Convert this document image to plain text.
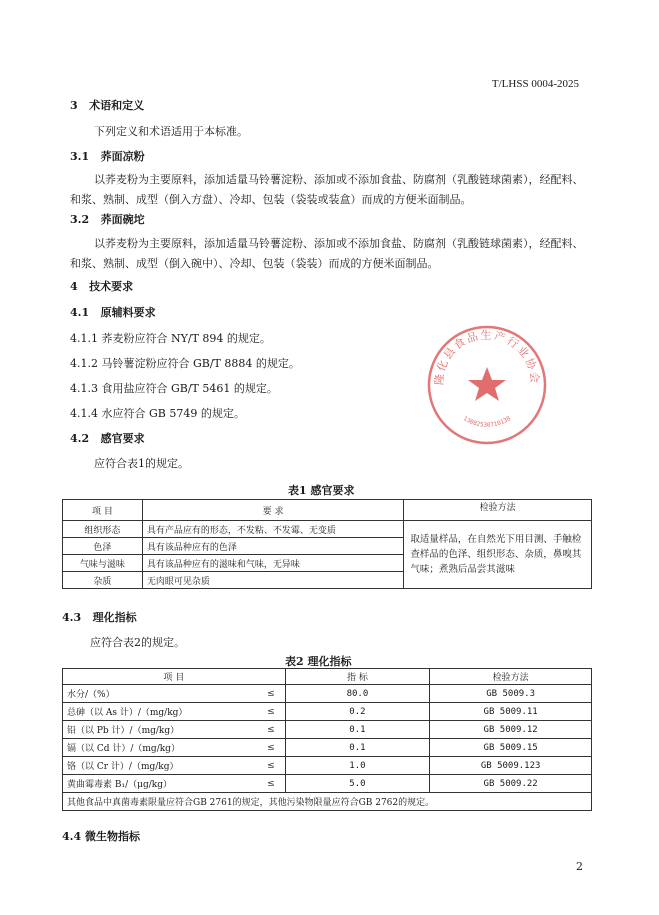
T/LHSS 0004-2025
3 术语和定义
下列定义和术语适用于本标准。
3.1 荞面凉粉
以荞麦粉为主要原料，添加适量马铃薯淀粉、添加或不添加食盐、防腐剂（乳酸链球菌素），经配料、和浆、熟制、成型（倒入方盘）、冷却、包装（袋装或装盒）而成的方便米面制品。
3.2 荞面碗坨
以荞麦粉为主要原料，添加适量马铃薯淀粉、添加或不添加食盐、防腐剂（乳酸链球菌素），经配料、和浆、熟制、成型（倒入碗中）、冷却、包装（袋装）而成的方便米面制品。
4 技术要求
4.1 原辅料要求
4.1.1 荞麦粉应符合 NY/T 894 的规定。
4.1.2 马铃薯淀粉应符合 GB/T 8884 的规定。
4.1.3 食用盐应符合 GB/T 5461 的规定。
4.1.4 水应符合 GB 5749 的规定。
4.2 感官要求
应符合表1的规定。
隆化县食品生产行业协会
13082530710138
表1 感官要求
项 目	要 求	检验方法
组织形态	具有产品应有的形态，不发粘、不发霉、无变质	取适量样品，在自然光下用目测、手触检查样品的色泽、组织形态、杂质，鼻嗅其气味；煮熟后品尝其滋味
色泽	具有该品种应有的色泽	
气味与滋味	具有该品种应有的滋味和气味，无异味	
杂质	无肉眼可见杂质	
4.3 理化指标
应符合表2的规定。
表2 理化指标
项 目		指 标	检验方法
水分/（%）	≤	80.0	GB 5009.3
总砷（以 As 计）/（mg/kg）	≤	0.2	GB 5009.11
铅（以 Pb 计）/（mg/kg）	≤	0.1	GB 5009.12
镉（以 Cd 计）/（mg/kg）	≤	0.1	GB 5009.15
铬（以 Cr 计）/（mg/kg）	≤	1.0	GB 5009.123
黄曲霉毒素 B₁/（μg/kg）	≤	5.0	GB 5009.22
其他食品中真菌毒素限量应符合GB 2761的规定，其他污染物限量应符合GB 2762的规定。			
4.4 微生物指标
2
